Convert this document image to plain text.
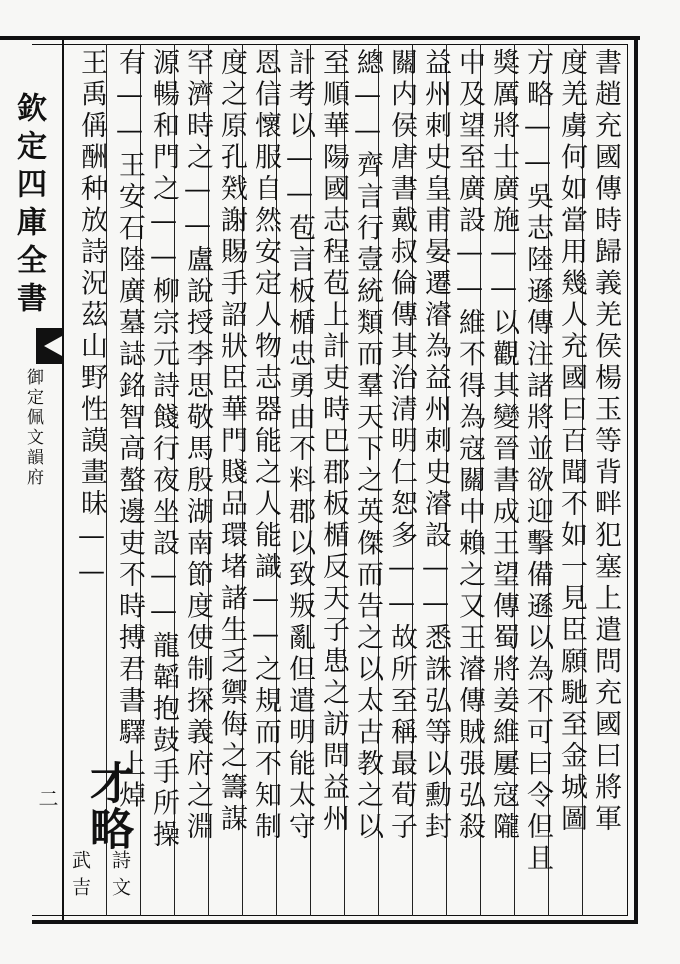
欽定四庫全書
御定佩文韻府
二	書趙充國傳時歸義羌侯楊玉等背畔犯塞上遣問充國曰將軍
度羌虜何如當用幾人充國曰百聞不如一見臣願馳至金城圖
方略——吳志陸遜傳注諸將並欲迎擊備遜以為不可曰令但且
獎厲將士廣施——以觀其變晉書成王望傳蜀將姜維屢寇隴
中及望至廣設——維不得為寇關中賴之又王濬傳賊張弘殺
益州刺史皇甫晏遷濬為益州刺史濬設——悉誅弘等以勳封
關内侯唐書戴叔倫傳其治清明仁恕多——故所至稱最荀子
總——齊言行壹統類而羣天下之英傑而告之以太古教之以
至順華陽國志程苞上計吏時巴郡板楯反天子患之訪問益州
計考以——苞言板楯忠勇由不料郡以致叛亂但遣明能太守
恩信懷服自然安定人物志器能之人能識——之規而不知制
度之原孔戣謝賜手詔狀臣華門賤品環堵諸生乏禦侮之籌謀
罕濟時之——盧說授李思敬馬殷湖南節度使制探義府之淵
源暢和門之——柳宗元詩餞行夜坐設——龍韜抱鼓手所操
有——王安石陸廣墓誌銘智高螯邊吏不時搏君書驛上焯
王禹偁酬种放詩況茲山野性謨畫昧——
才略
詩文
武吉
